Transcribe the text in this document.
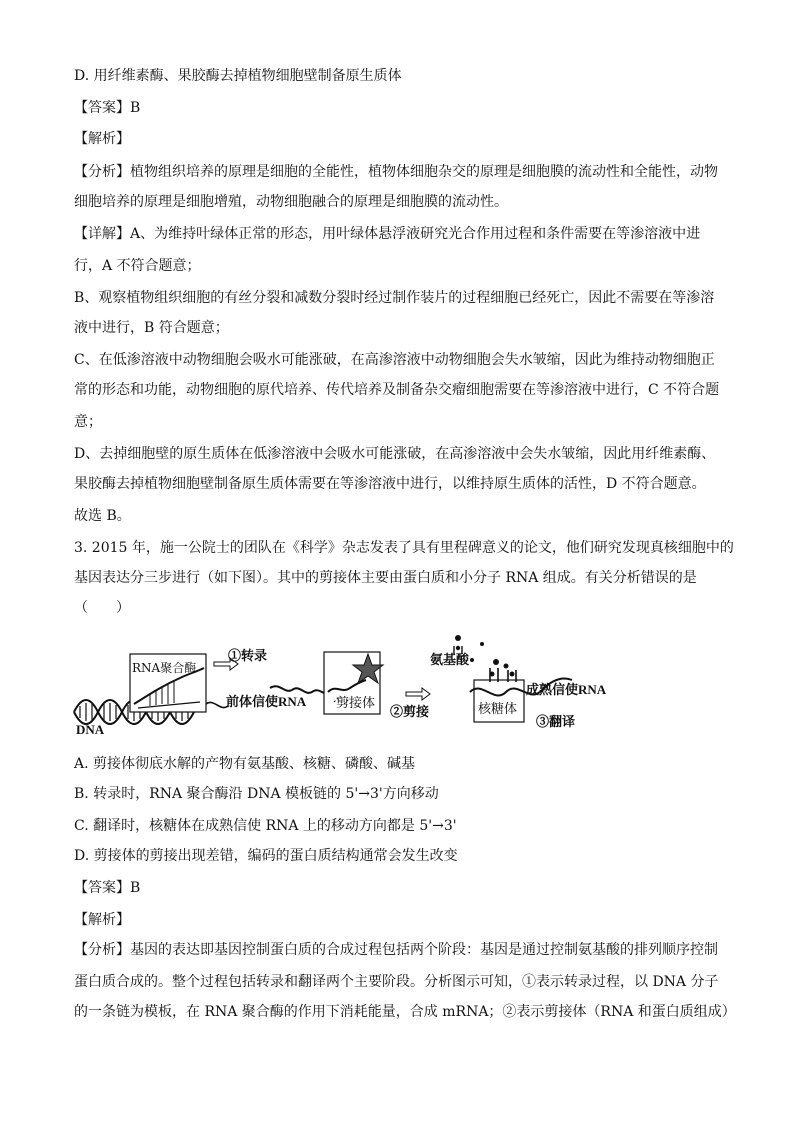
D. 用纤维素酶、果胶酶去掉植物细胞壁制备原生质体
【答案】B
【解析】
【分析】植物组织培养的原理是细胞的全能性，植物体细胞杂交的原理是细胞膜的流动性和全能性，动物
细胞培养的原理是细胞增殖，动物细胞融合的原理是细胞膜的流动性。
【详解】A、为维持叶绿体正常的形态，用叶绿体悬浮液研究光合作用过程和条件需要在等渗溶液中进
行，A 不符合题意；
B、观察植物组织细胞的有丝分裂和减数分裂时经过制作装片的过程细胞已经死亡，因此不需要在等渗溶
液中进行，B 符合题意；
C、在低渗溶液中动物细胞会吸水可能涨破，在高渗溶液中动物细胞会失水皱缩，因此为维持动物细胞正
常的形态和功能，动物细胞的原代培养、传代培养及制备杂交瘤细胞需要在等渗溶液中进行，C 不符合题
意；
D、去掉细胞壁的原生质体在低渗溶液中会吸水可能涨破，在高渗溶液中会失水皱缩，因此用纤维素酶、
果胶酶去掉植物细胞壁制备原生质体需要在等渗溶液中进行，以维持原生质体的活性，D 不符合题意。
故选 B。
3. 2015 年，施一公院士的团队在《科学》杂志发表了具有里程碑意义的论文，他们研究发现真核细胞中的
基因表达分三步进行（如下图）。其中的剪接体主要由蛋白质和小分子 RNA 组成。有关分析错误的是
（　　）
RNA聚合酶
①转录
前体信使RNA
DNA
剪接体
②剪接
氨基酸
成熟信使RNA
核糖体
③翻译
A. 剪接体彻底水解的产物有氨基酸、核糖、磷酸、碱基
B. 转录时，RNA 聚合酶沿 DNA 模板链的 5'→3'方向移动
C. 翻译时，核糖体在成熟信使 RNA 上的移动方向都是 5'→3'
D. 剪接体的剪接出现差错，编码的蛋白质结构通常会发生改变
【答案】B
【解析】
【分析】基因的表达即基因控制蛋白质的合成过程包括两个阶段：基因是通过控制氨基酸的排列顺序控制
蛋白质合成的。整个过程包括转录和翻译两个主要阶段。分析图示可知，①表示转录过程，以 DNA 分子
的一条链为模板，在 RNA 聚合酶的作用下消耗能量，合成 mRNA；②表示剪接体（RNA 和蛋白质组成）
